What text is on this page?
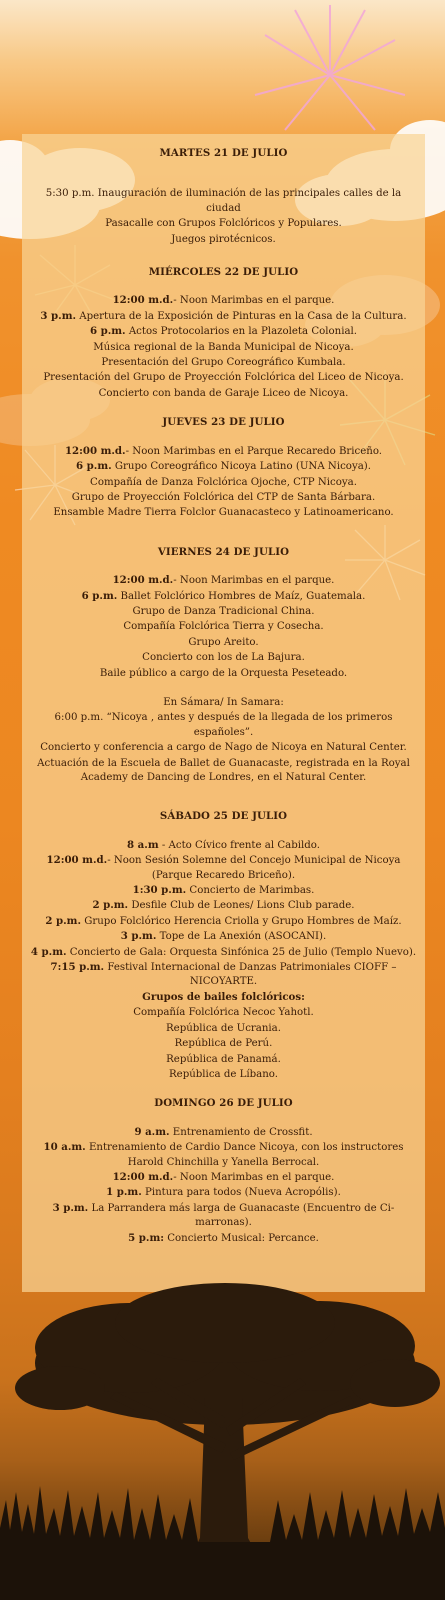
MARTES 21 DE JULIO

5:30 p.m. Inauguración de iluminación de las principales calles de la ciudad

Pasacalle con Grupos Folclóricos y Populares.

Juegos pirotécnicos.

MIÉRCOLES 22 DE JULIO

12:00 m.d.- Noon Marimbas en el parque.

3 p.m. Apertura de la Exposición de Pinturas en la Casa de la Cultura.

6 p.m. Actos Protocolarios en la Plazoleta Colonial.

Música regional de la Banda Municipal de Nicoya.

Presentación del Grupo Coreográfico Kumbala.

Presentación del Grupo de Proyección Folclórica del Liceo de Nicoya.

Concierto con banda de Garaje Liceo de Nicoya.

JUEVES 23 DE JULIO

12:00 m.d.- Noon Marimbas en el Parque Recaredo Briceño.

6 p.m. Grupo Coreográfico Nicoya Latino (UNA Nicoya).

Compañía de Danza Folclórica Ojoche, CTP Nicoya.

Grupo de Proyección Folclórica del CTP de Santa Bárbara.

Ensamble Madre Tierra Folclor Guanacasteco y Latinoamericano.

VIERNES 24 DE JULIO

12:00 m.d.- Noon Marimbas en el parque.

6 p.m. Ballet Folclórico Hombres de Maíz, Guatemala.

Grupo de Danza Tradicional China.

Compañía Folclórica Tierra y Cosecha.

Grupo Areito.

Concierto con los de La Bajura.

Baile público a cargo de la Orquesta Peseteado.

En Sámara/ In Samara:

6:00 p.m. “Nicoya , antes y después de la llegada de los primeros españoles”.

Concierto y conferencia a cargo de Nago de Nicoya en Natural Center.

Actuación de la Escuela de Ballet de Guanacaste, registrada en la Royal Academy de Dancing de Londres, en el Natural Center.

SÁBADO 25 DE JULIO

8 a.m - Acto Cívico frente al Cabildo.

12:00 m.d.- Noon Sesión Solemne del Concejo Municipal de Nicoya (Parque Recaredo Briceño).

1:30 p.m. Concierto de Marimbas.

2 p.m. Desfile Club de Leones/ Lions Club parade.

2 p.m. Grupo Folclórico Herencia Criolla y Grupo Hombres de Maíz.

3 p.m. Tope de La Anexión (ASOCANI).

4 p.m. Concierto de Gala: Orquesta Sinfónica 25 de Julio (Templo Nuevo).

7:15 p.m. Festival Internacional de Danzas Patrimoniales CIOFF – NICOYARTE.

Grupos de bailes folclóricos:

Compañía Folclórica Necoc Yahotl.

República de Ucrania.

República de Perú.

República de Panamá.

República de Líbano.

DOMINGO 26 DE JULIO

9 a.m. Entrenamiento de Crossfit.

10 a.m. Entrenamiento de Cardio Dance Nicoya, con los instructores Harold Chinchilla y Yanella Berrocal.

12:00 m.d.- Noon Marimbas en el parque.

1 p.m. Pintura para todos (Nueva Acropólis).

3 p.m. La Parrandera más larga de Guanacaste (Encuentro de Ci-marronas).

5 p.m: Concierto Musical: Percance.
